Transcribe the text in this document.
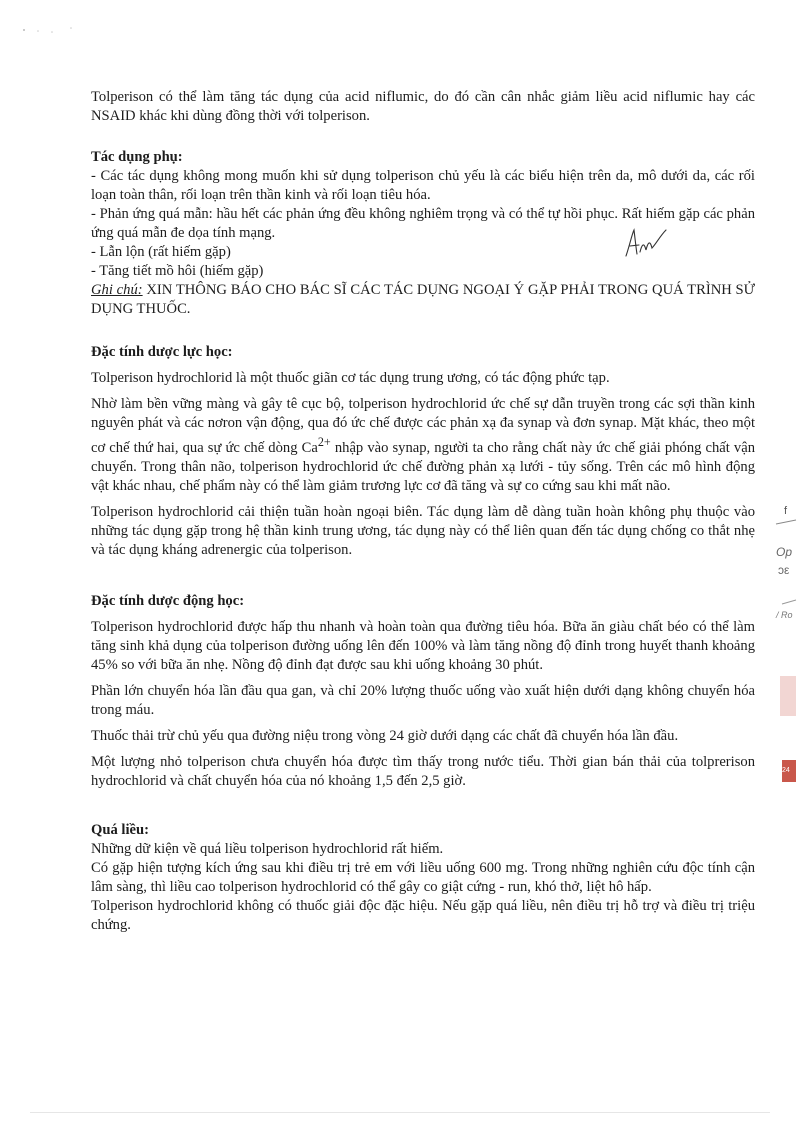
Tolperison có thể làm tăng tác dụng của acid niflumic, do đó cần cân nhắc giảm liều acid niflumic hay các NSAID khác khi dùng đồng thời với tolperison.

Tác dụng phụ:

- Các tác dụng không mong muốn khi sử dụng tolperison chủ yếu là các biểu hiện trên da, mô dưới da, các rối loạn toàn thân, rối loạn trên thần kinh và rối loạn tiêu hóa.

- Phản ứng quá mẫn: hầu hết các phản ứng đều không nghiêm trọng và có thể tự hồi phục. Rất hiếm gặp các phản ứng quá mẫn đe dọa tính mạng.

- Lẫn lộn (rất hiếm gặp)

- Tăng tiết mồ hôi (hiếm gặp)

Ghi chú: XIN THÔNG BÁO CHO BÁC SĨ CÁC TÁC DỤNG NGOẠI Ý GẶP PHẢI TRONG QUÁ TRÌNH SỬ DỤNG THUỐC.

Đặc tính dược lực học:

Tolperison hydrochlorid là một thuốc giãn cơ tác dụng trung ương, có tác động phức tạp.

Nhờ làm bền vững màng và gây tê cục bộ, tolperison hydrochlorid ức chế sự dẫn truyền trong các sợi thần kinh nguyên phát và các nơron vận động, qua đó ức chế được các phản xạ đa synap và đơn synap. Mặt khác, theo một cơ chế thứ hai, qua sự ức chế dòng $Ca^{2+}$ nhập vào synap, người ta cho rằng chất này ức chế giải phóng chất vận chuyển. Trong thân não, tolperison hydrochlorid ức chế đường phản xạ lưới - tủy sống. Trên các mô hình động vật khác nhau, chế phẩm này có thể làm giảm trương lực cơ đã tăng và sự co cứng sau khi mất não.

Tolperison hydrochlorid cải thiện tuần hoàn ngoại biên. Tác dụng làm dễ dàng tuần hoàn không phụ thuộc vào những tác dụng gặp trong hệ thần kinh trung ương, tác dụng này có thể liên quan đến tác dụng chống co thắt nhẹ và tác dụng kháng adrenergic của tolperison.

Đặc tính dược động học:

Tolperison hydrochlorid được hấp thu nhanh và hoàn toàn qua đường tiêu hóa. Bữa ăn giàu chất béo có thể làm tăng sinh khả dụng của tolperison đường uống lên đến 100% và làm tăng nồng độ đỉnh trong huyết thanh khoảng 45% so với bữa ăn nhẹ. Nồng độ đỉnh đạt được sau khi uống khoảng 30 phút.

Phần lớn chuyển hóa lần đầu qua gan, và chỉ 20% lượng thuốc uống vào xuất hiện dưới dạng không chuyển hóa trong máu.

Thuốc thải trừ chủ yếu qua đường niệu trong vòng 24 giờ dưới dạng các chất đã chuyển hóa lần đầu.

Một lượng nhỏ tolperison chưa chuyển hóa được tìm thấy trong nước tiểu. Thời gian bán thải của tolprerison hydrochlorid và chất chuyển hóa của nó khoảng 1,5 đến 2,5 giờ.

Quá liều:

Những dữ kiện về quá liều tolperison hydrochlorid rất hiếm.

Có gặp hiện tượng kích ứng sau khi điều trị trẻ em với liều uống 600 mg. Trong những nghiên cứu độc tính cận lâm sàng, thì liều cao tolperison hydrochlorid có thể gây co giật cứng - run, khó thở, liệt hô hấp.

Tolperison hydrochlorid không có thuốc giải độc đặc hiệu. Nếu gặp quá liều, nên điều trị hỗ trợ và điều trị triệu chứng.

f
Op
ɔε
/ Ro
24
